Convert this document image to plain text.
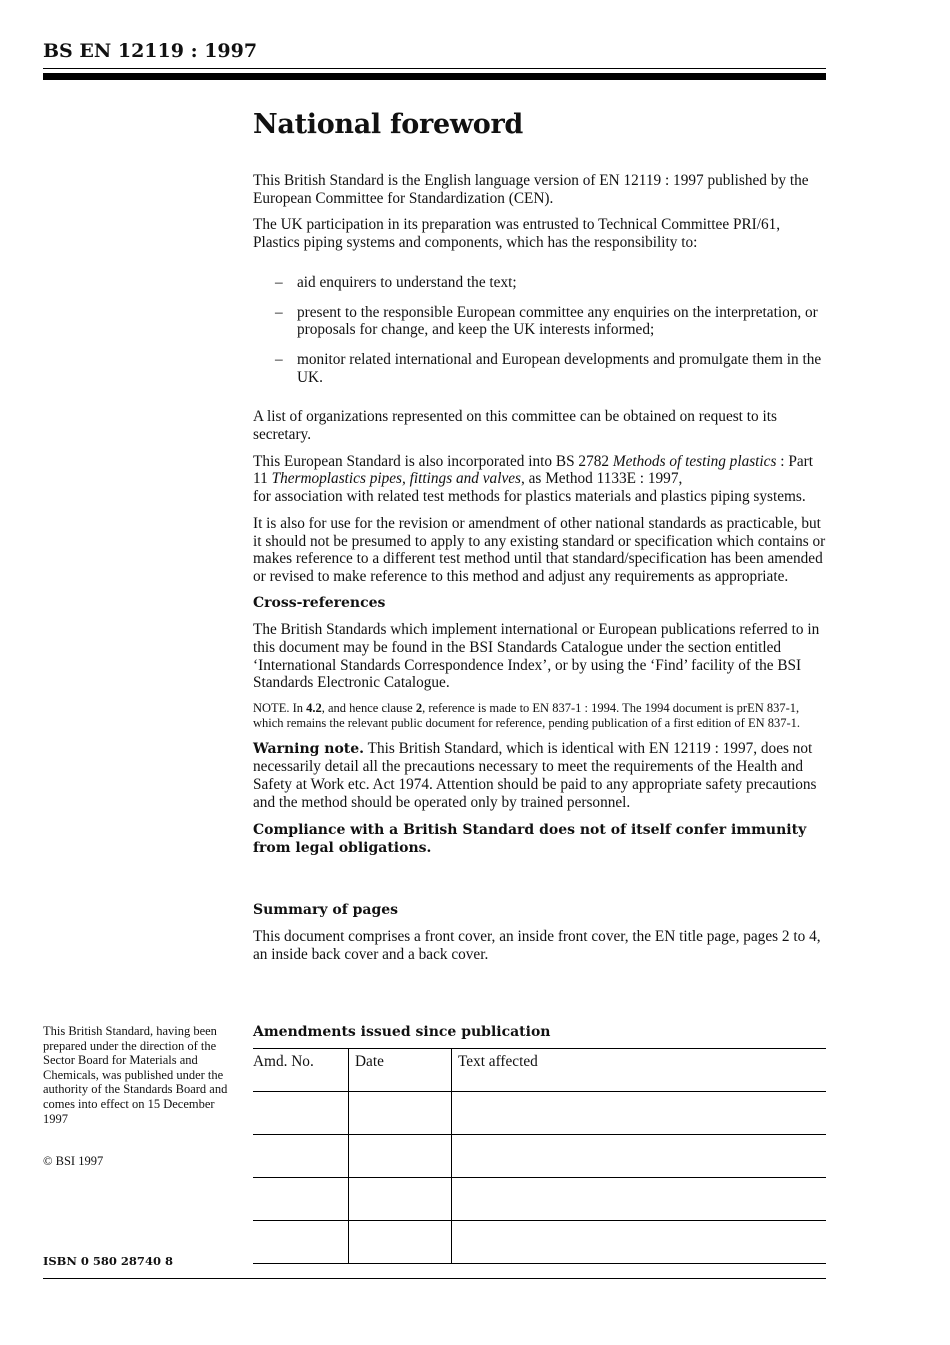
BS EN 12119 : 1997
National foreword

This British Standard is the English language version of EN 12119 : 1997 published by the European Committee for Standardization (CEN).

The UK participation in its preparation was entrusted to Technical Committee PRI/61, Plastics piping systems and components, which has the responsibility to:

– aid enquirers to understand the text;
– present to the responsible European committee any enquiries on the interpretation, or proposals for change, and keep the UK interests informed;
– monitor related international and European developments and promulgate them in the UK.

A list of organizations represented on this committee can be obtained on request to its secretary.

This European Standard is also incorporated into BS 2782 Methods of testing plastics : Part 11 Thermoplastics pipes, fittings and valves, as Method 1133E : 1997,
for association with related test methods for plastics materials and plastics piping systems.

It is also for use for the revision or amendment of other national standards as practicable, but it should not be presumed to apply to any existing standard or specification which contains or makes reference to a different test method until that standard/specification has been amended or revised to make reference to this method and adjust any requirements as appropriate.

Cross-references

The British Standards which implement international or European publications referred to in this document may be found in the BSI Standards Catalogue under the section entitled ‘International Standards Correspondence Index’, or by using the ‘Find’ facility of the BSI Standards Electronic Catalogue.

NOTE. In 4.2, and hence clause 2, reference is made to EN 837-1 : 1994. The 1994 document is prEN 837-1, which remains the relevant public document for reference, pending publication of a first edition of EN 837-1.

Warning note. This British Standard, which is identical with EN 12119 : 1997, does not necessarily detail all the precautions necessary to meet the requirements of the Health and Safety at Work etc. Act 1974. Attention should be paid to any appropriate safety precautions and the method should be operated only by trained personnel.

Compliance with a British Standard does not of itself confer immunity from legal obligations.

Summary of pages

This document comprises a front cover, an inside front cover, the EN title page, pages 2 to 4, an inside back cover and a back cover.

This British Standard, having been prepared under the direction of the Sector Board for Materials and Chemicals, was published under the authority of the Standards Board and comes into effect on 15 December 1997
© BSI 1997
ISBN 0 580 28740 8
Amendments issued since publication
Amd. No.	Date	Text affected
